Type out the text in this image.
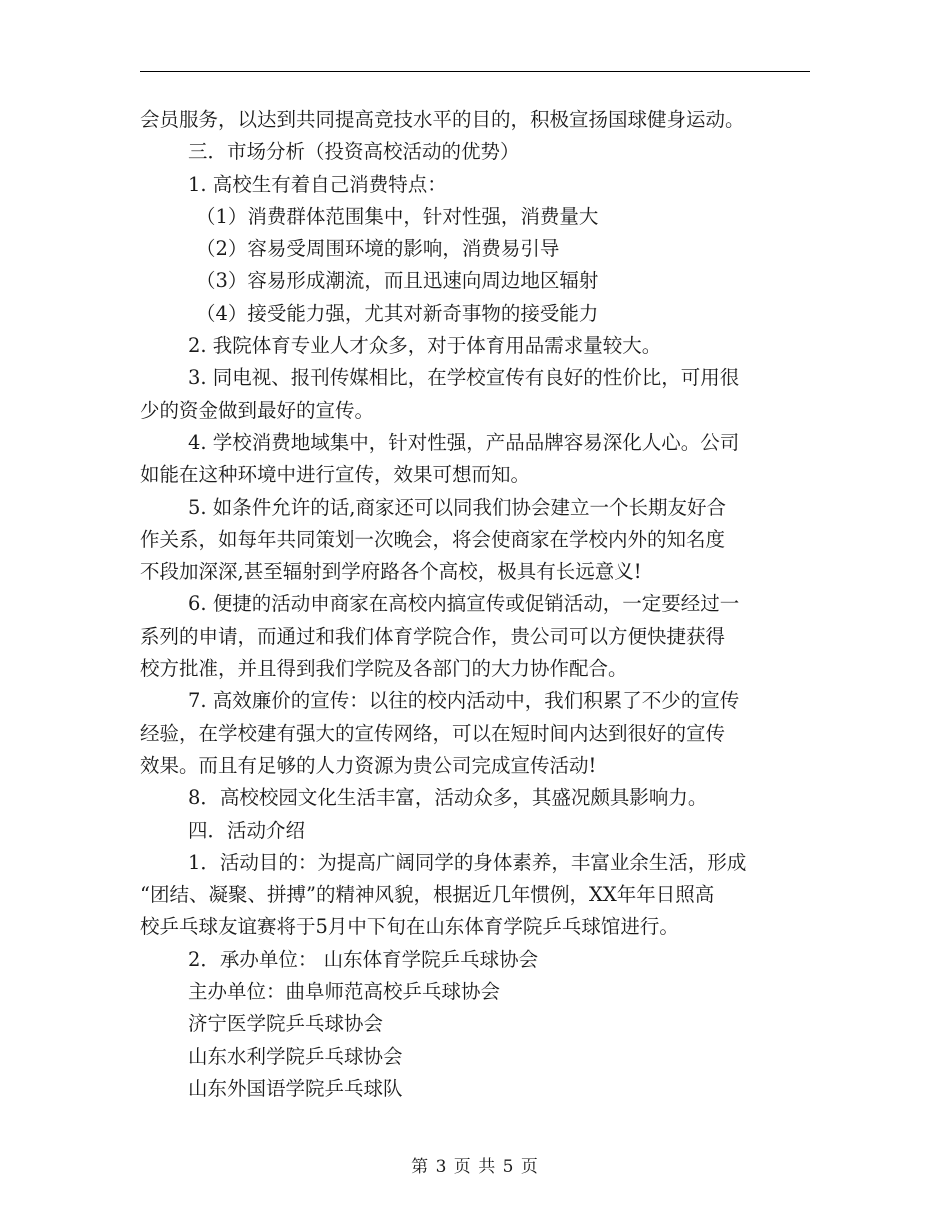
会员服务，以达到共同提高竞技水平的目的，积极宣扬国球健身运动。
三．市场分析（投资高校活动的优势）
1. 高校生有着自己消费特点：
（1）消费群体范围集中，针对性强，消费量大
（2）容易受周围环境的影响，消费易引导
（3）容易形成潮流，而且迅速向周边地区辐射
（4）接受能力强，尤其对新奇事物的接受能力
2. 我院体育专业人才众多，对于体育用品需求量较大。
3. 同电视、报刊传媒相比，在学校宣传有良好的性价比，可用很
少的资金做到最好的宣传。
4. 学校消费地域集中，针对性强，产品品牌容易深化人心。公司
如能在这种环境中进行宣传，效果可想而知。
5. 如条件允许的话,商家还可以同我们协会建立一个长期友好合
作关系，如每年共同策划一次晚会，将会使商家在学校内外的知名度
不段加深深,甚至辐射到学府路各个高校，极具有长远意义!
6. 便捷的活动申商家在高校内搞宣传或促销活动，一定要经过一
系列的申请，而通过和我们体育学院合作，贵公司可以方便快捷获得
校方批准，并且得到我们学院及各部门的大力协作配合。
7. 高效廉价的宣传：以往的校内活动中，我们积累了不少的宣传
经验，在学校建有强大的宣传网络，可以在短时间内达到很好的宣传
效果。而且有足够的人力资源为贵公司完成宣传活动!
8．高校校园文化生活丰富，活动众多，其盛况颇具影响力。
四．活动介绍
1．活动目的：为提高广阔同学的身体素养，丰富业余生活，形成
“团结、凝聚、拼搏”的精神风貌，根据近几年惯例，XX年年日照高
校乒乓球友谊赛将于5月中下旬在山东体育学院乒乓球馆进行。
2．承办单位： 山东体育学院乒乓球协会
主办单位：曲阜师范高校乒乓球协会
济宁医学院乒乓球协会
山东水利学院乒乓球协会
山东外国语学院乒乓球队
第 3 页 共 5 页
